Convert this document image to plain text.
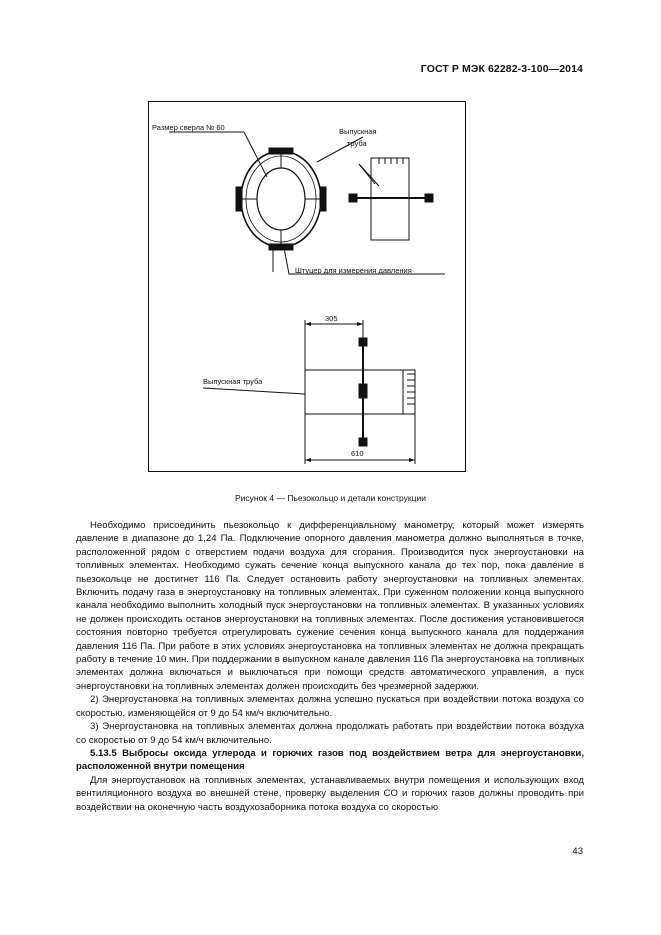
ГОСТ Р МЭК 62282-3-100—2014
Размер сверла № 60	Выпускная
труба
Штуцер для измерения давления
305
Выпускная труба
610
Рисунок 4 — Пьезокольцо и детали конструкции

Необходимо присоединить пьезокольцо к дифференциальному манометру, который может измерять давление в диапазоне до 1,24 Па. Подключение опорного давления манометра должно выполняться в точке, расположенной рядом с отверстием подачи воздуха для сгорания. Производится пуск энергоустановки на топливных элементах. Необходимо сужать сечение конца выпускного канала до тех пор, пока давление в пьезокольце не достигнет 116 Па. Следует остановить работу энергоустановки на топливных элементах. Включить подачу газа в энергоустановку на топливных элементах. При суженном положении конца выпускного канала необходимо выполнить холодный пуск энергоустановки на топливных элементах. В указанных условиях не должен происходить останов энергоустановки на топливных элементах. После достижения установившегося состояния повторно требуется отрегулировать сужение сечения конца выпускного канала для поддержания давления 116 Па. При работе в этих условиях энергоустановка на топливных элементах не должна прекращать работу в течение 10 мин. При поддержании в выпускном канале давления 116 Па энергоустановка на топливных элементах должна включаться и выключаться при помощи средств автоматического управления, а пуск энергоустановки на топливных элементах должен происходить без чрезмерной задержки.

2) Энергоустановка на топливных элементах должна успешно пускаться при воздействии потока воздуха со скоростью, изменяющейся от 9 до 54 км/ч включительно.

3) Энергоустановка на топливных элементах должна продолжать работать при воздействии потока воздуха со скоростью от 9 до 54 км/ч включительно.

5.13.5 Выбросы оксида углерода и горючих газов под воздействием ветра для энергоустановки, расположенной внутри помещения

Для энергоустановок на топливных элементах, устанавливаемых внутри помещения и использующих вход вентиляционного воздуха во внешней стене, проверку выделения CO и горючих газов должны проводить при воздействии на оконечную часть воздухозаборника потока воздуха со скоростью

43
